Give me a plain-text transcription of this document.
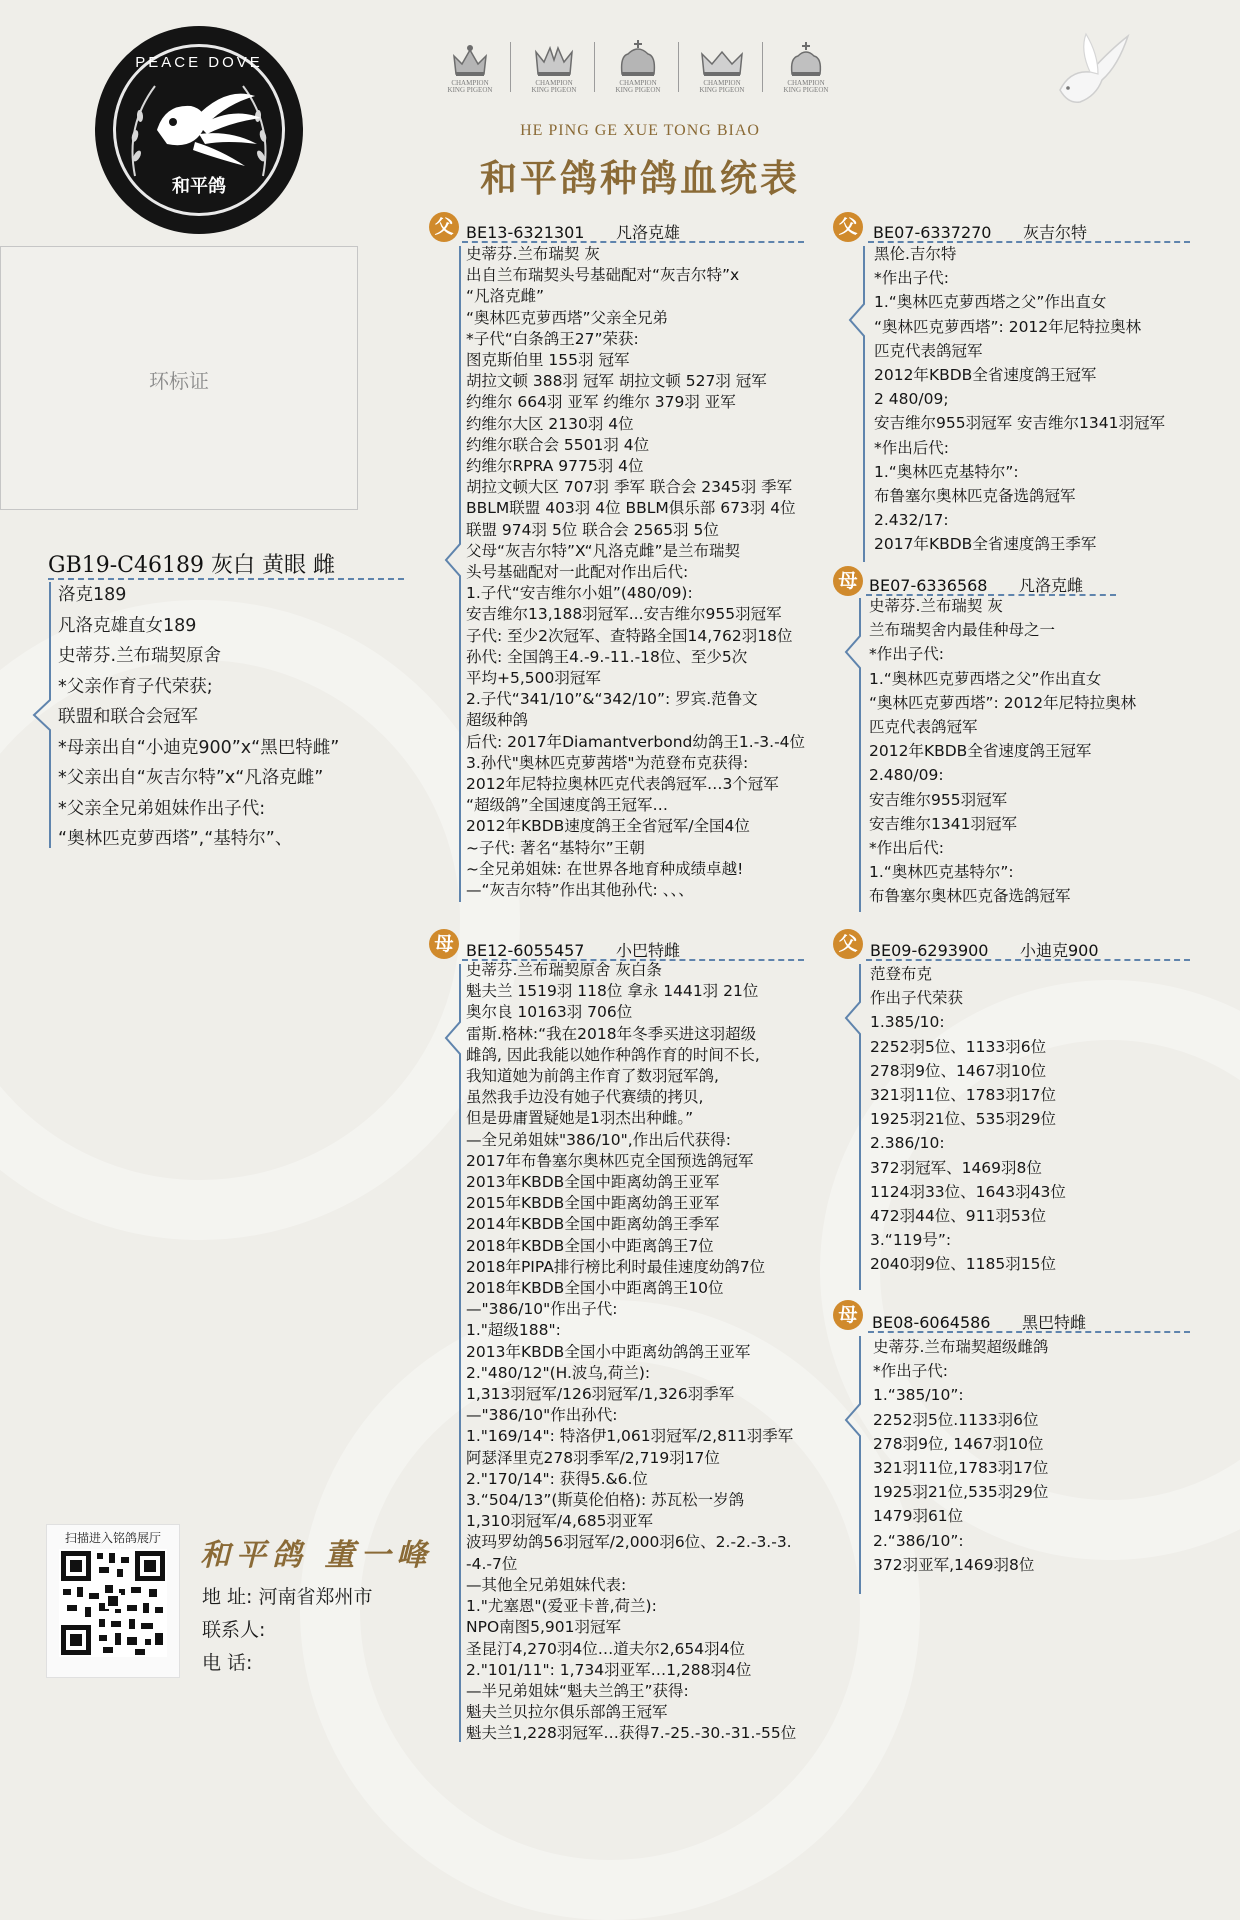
PEACE DOVE
和平鸽
CHAMPION
KING PIGEON
CHAMPION
KING PIGEON
CHAMPION
KING PIGEON
CHAMPION
KING PIGEON
CHAMPION
KING PIGEON
HE PING GE XUE TONG BIAO
和平鸽种鸽血统表
环标证
GB19-C46189 灰白 黄眼 雌
洛克189
凡洛克雄直女189
史蒂芬.兰布瑞契原舍
*父亲作育子代荣获;
联盟和联合会冠军
*母亲出自“小迪克900”x“黑巴特雌”
*父亲出自“灰吉尔特”x“凡洛克雌”
*父亲全兄弟姐妹作出子代:
“奥林匹克萝西塔”,“基特尔”、
父 BE13-6321301 凡洛克雄
史蒂芬.兰布瑞契 灰
出自兰布瑞契头号基础配对“灰吉尔特”x
“凡洛克雌”
“奥林匹克萝西塔”父亲全兄弟
*子代“白条鸽王27”荣获:
图克斯伯里 155羽 冠军
胡拉文顿 388羽 冠军 胡拉文顿 527羽 冠军
约维尔 664羽 亚军 约维尔 379羽 亚军
约维尔大区 2130羽 4位
约维尔联合会 5501羽 4位
约维尔RPRA 9775羽 4位
胡拉文顿大区 707羽 季军 联合会 2345羽 季军
BBLM联盟 403羽 4位 BBLM俱乐部 673羽 4位
联盟 974羽 5位 联合会 2565羽 5位
父母“灰吉尔特”X“凡洛克雌”是兰布瑞契
头号基础配对一此配对作出后代:
1.子代“安吉维尔小姐”(480/09):
安吉维尔13,188羽冠军...安吉维尔955羽冠军
子代: 至少2次冠军、查特路全国14,762羽18位
孙代: 全国鸽王4.-9.-11.-18位、至少5次
平均+5,500羽冠军
2.子代“341/10”&“342/10”: 罗宾.范鲁文
超级种鸽
后代: 2017年Diamantverbond幼鸽王1.-3.-4位
3.孙代"奥林匹克萝茜塔"为范登布克获得:
2012年尼特拉奥林匹克代表鸽冠军…3个冠军
“超级鸽”全国速度鸽王冠军…
2012年KBDB速度鸽王全省冠军/全国4位
~子代: 著名“基特尔”王朝
~全兄弟姐妹: 在世界各地育种成绩卓越!
—“灰吉尔特”作出其他孙代: 、、、
母 BE12-6055457 小巴特雌
史蒂芬.兰布瑞契原舍 灰白条
魁夫兰 1519羽 118位 拿永 1441羽 21位
奥尔良 10163羽 706位
雷斯.格林:“我在2018年冬季买进这羽超级
雌鸽, 因此我能以她作种鸽作育的时间不长,
我知道她为前鸽主作育了数羽冠军鸽,
虽然我手边没有她子代赛绩的拷贝,
但是毋庸置疑她是1羽杰出种雌。”
—全兄弟姐妹"386/10",作出后代获得:
2017年布鲁塞尔奥林匹克全国预选鸽冠军
2013年KBDB全国中距离幼鸽王亚军
2015年KBDB全国中距离幼鸽王亚军
2014年KBDB全国中距离幼鸽王季军
2018年KBDB全国小中距离鸽王7位
2018年PIPA排行榜比利时最佳速度幼鸽7位
2018年KBDB全国小中距离鸽王10位
—"386/10"作出子代:
1."超级188":
2013年KBDB全国小中距离幼鸽鸽王亚军
2."480/12"(H.波乌,荷兰):
1,313羽冠军/126羽冠军/1,326羽季军
—"386/10"作出孙代:
1."169/14": 特洛伊1,061羽冠军/2,811羽季军
阿瑟泽里克278羽季军/2,719羽17位
2."170/14": 获得5.&6.位
3.“504/13”(斯莫伦伯格): 苏瓦松一岁鸽
1,310羽冠军/4,685羽亚军
波玛罗幼鸽56羽冠军/2,000羽6位、2.-2.-3.-3.
-4.-7位
—其他全兄弟姐妹代表:
1."尤塞恩"(爱亚卡普,荷兰):
NPO南图5,901羽冠军
圣昆汀4,270羽4位…道夫尔2,654羽4位
2."101/11": 1,734羽亚军…1,288羽4位
—半兄弟姐妹“魁夫兰鸽王”获得:
魁夫兰贝拉尔俱乐部鸽王冠军
魁夫兰1,228羽冠军…获得7.-25.-30.-31.-55位
父 BE07-6337270 灰吉尔特
黑伦.吉尔特
*作出子代:
1.“奥林匹克萝西塔之父”作出直女
“奥林匹克萝西塔”: 2012年尼特拉奥林
匹克代表鸽冠军
2012年KBDB全省速度鸽王冠军
2 480/09;
安吉维尔955羽冠军 安吉维尔1341羽冠军
*作出后代:
1.“奥林匹克基特尔”:
布鲁塞尔奥林匹克备选鸽冠军
2.432/17:
2017年KBDB全省速度鸽王季军
母 BE07-6336568 凡洛克雌
史蒂芬.兰布瑞契 灰
兰布瑞契舍内最佳种母之一
*作出子代:
1.“奥林匹克萝西塔之父”作出直女
“奥林匹克萝西塔”: 2012年尼特拉奥林
匹克代表鸽冠军
2012年KBDB全省速度鸽王冠军
2.480/09:
安吉维尔955羽冠军
安吉维尔1341羽冠军
*作出后代:
1.“奥林匹克基特尔”:
布鲁塞尔奥林匹克备选鸽冠军
父 BE09-6293900 小迪克900
范登布克
作出子代荣获
1.385/10:
2252羽5位、1133羽6位
278羽9位、1467羽10位
321羽11位、1783羽17位
1925羽21位、535羽29位
2.386/10:
372羽冠军、1469羽8位
1124羽33位、1643羽43位
472羽44位、911羽53位
3.“119号”:
2040羽9位、1185羽15位
母 BE08-6064586 黑巴特雌
史蒂芬.兰布瑞契超级雌鸽
*作出子代:
1.“385/10”:
2252羽5位.1133羽6位
278羽9位, 1467羽10位
321羽11位,1783羽17位
1925羽21位,535羽29位
1479羽61位
2.“386/10”:
372羽亚军,1469羽8位
扫描进入铭鸽展厅	和平鸽 董一峰
地 址: 河南省郑州市
联系人:
电 话:
